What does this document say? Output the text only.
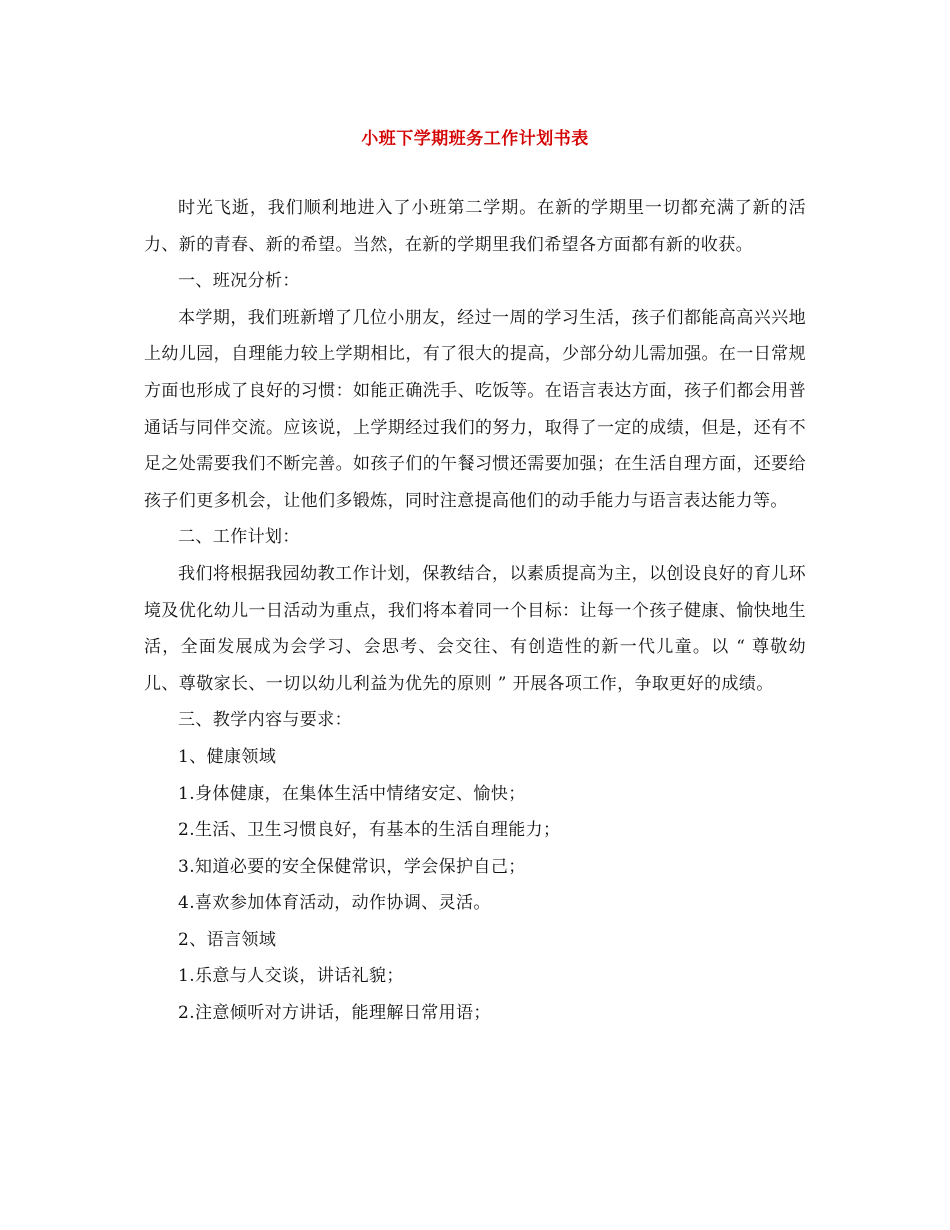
小班下学期班务工作计划书表

时光飞逝，我们顺利地进入了小班第二学期。在新的学期里一切都充满了新的活力、新的青春、新的希望。当然，在新的学期里我们希望各方面都有新的收获。

一、班况分析：

本学期，我们班新增了几位小朋友，经过一周的学习生活，孩子们都能高高兴兴地上幼儿园，自理能力较上学期相比，有了很大的提高，少部分幼儿需加强。在一日常规方面也形成了良好的习惯：如能正确洗手、吃饭等。在语言表达方面，孩子们都会用普通话与同伴交流。应该说，上学期经过我们的努力，取得了一定的成绩，但是，还有不足之处需要我们不断完善。如孩子们的午餐习惯还需要加强；在生活自理方面，还要给孩子们更多机会，让他们多锻炼，同时注意提高他们的动手能力与语言表达能力等。

二、工作计划：

我们将根据我园幼教工作计划，保教结合，以素质提高为主，以创设良好的育儿环境及优化幼儿一日活动为重点，我们将本着同一个目标：让每一个孩子健康、愉快地生活，全面发展成为会学习、会思考、会交往、有创造性的新一代儿童。以 “ 尊敬幼儿、尊敬家长、一切以幼儿利益为优先的原则 ” 开展各项工作，争取更好的成绩。

三、教学内容与要求：

1、健康领域

1.身体健康，在集体生活中情绪安定、愉快；

2.生活、卫生习惯良好，有基本的生活自理能力；

3.知道必要的安全保健常识，学会保护自己；

4.喜欢参加体育活动，动作协调、灵活。

2、语言领域

1.乐意与人交谈，讲话礼貌；

2.注意倾听对方讲话，能理解日常用语；
